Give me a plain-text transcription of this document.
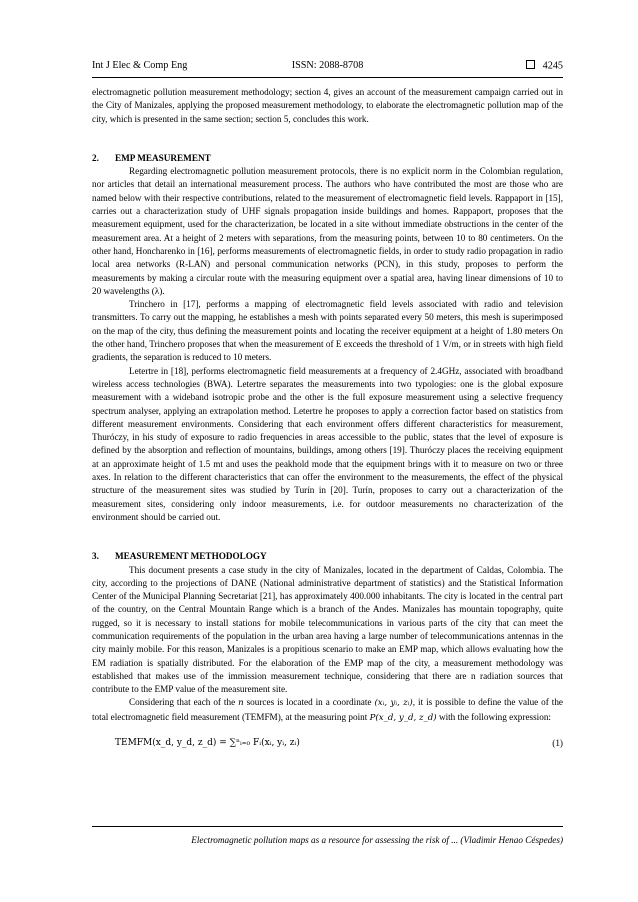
Int J Elec & Comp Eng	ISSN: 2088-8708	4245

electromagnetic pollution measurement methodology; section 4, gives an account of the measurement campaign carried out in the City of Manizales, applying the proposed measurement methodology, to elaborate the electromagnetic pollution map of the city, which is presented in the same section; section 5, concludes this work.

2. EMP MEASUREMENT

Regarding electromagnetic pollution measurement protocols, there is no explicit norm in the Colombian regulation, nor articles that detail an international measurement process. The authors who have contributed the most are those who are named below with their respective contributions, related to the measurement of electromagnetic field levels. Rappaport in [15], carries out a characterization study of UHF signals propagation inside buildings and homes. Rappaport, proposes that the measurement equipment, used for the characterization, be located in a site without immediate obstructions in the center of the measurement area. At a height of 2 meters with separations, from the measuring points, between 10 to 80 centimeters. On the other hand, Honcharenko in [16], performs measurements of electromagnetic fields, in order to study radio propagation in radio local area networks (R-LAN) and personal communication networks (PCN), in this study, proposes to perform the measurements by making a circular route with the measuring equipment over a spatial area, having linear dimensions of 10 to 20 wavelengths (λ).

Trinchero in [17], performs a mapping of electromagnetic field levels associated with radio and television transmitters. To carry out the mapping, he establishes a mesh with points separated every 50 meters, this mesh is superimposed on the map of the city, thus defining the measurement points and locating the receiver equipment at a height of 1.80 meters On the other hand, Trinchero proposes that when the measurement of E exceeds the threshold of 1 V/m, or in streets with high field gradients, the separation is reduced to 10 meters.

Letertre in [18], performs electromagnetic field measurements at a frequency of 2.4GHz, associated with broadband wireless access technologies (BWA). Letertre separates the measurements into two typologies: one is the global exposure measurement with a wideband isotropic probe and the other is the full exposure measurement using a selective frequency spectrum analyser, applying an extrapolation method. Letertre he proposes to apply a correction factor based on statistics from different measurement environments. Considering that each environment offers different characteristics for measurement, Thuróczy, in his study of exposure to radio frequencies in areas accessible to the public, states that the level of exposure is defined by the absorption and reflection of mountains, buildings, among others [19]. Thuróczy places the receiving equipment at an approximate height of 1.5 mt and uses the peakhold mode that the equipment brings with it to measure on two or three axes. In relation to the different characteristics that can offer the environment to the measurements, the effect of the physical structure of the measurement sites was studied by Turín in [20]. Turín, proposes to carry out a characterization of the measurement sites, considering only indoor measurements, i.e. for outdoor measurements no characterization of the environment should be carried out.

3. MEASUREMENT METHODOLOGY

This document presents a case study in the city of Manizales, located in the department of Caldas, Colombia. The city, according to the projections of DANE (National administrative department of statistics) and the Statistical Information Center of the Municipal Planning Secretariat [21], has approximately 400.000 inhabitants. The city is located in the central part of the country, on the Central Mountain Range which is a branch of the Andes. Manizales has mountain topography, quite rugged, so it is necessary to install stations for mobile telecommunications in various parts of the city that can meet the communication requirements of the population in the urban area having a large number of telecommunications antennas in the city mainly mobile. For this reason, Manizales is a propitious scenario to make an EMP map, which allows evaluating how the EM radiation is spatially distributed. For the elaboration of the EMP map of the city, a measurement methodology was established that makes use of the immission measurement technique, considering that there are n radiation sources that contribute to the EMP value of the measurement site.

Considering that each of the n sources is located in a coordinate (xᵢ, yᵢ, zᵢ), it is possible to define the value of the total electromagnetic field measurement (TEMFM), at the measuring point P(x_d, y_d, z_d) with the following expression:

TEMFM(x_d, y_d, z_d) = ∑ⁿᵢ₌₀ Fᵢ(xᵢ, yᵢ, zᵢ)	(1)
Electromagnetic pollution maps as a resource for assessing the risk of ... (Vladimir Henao Céspedes)
